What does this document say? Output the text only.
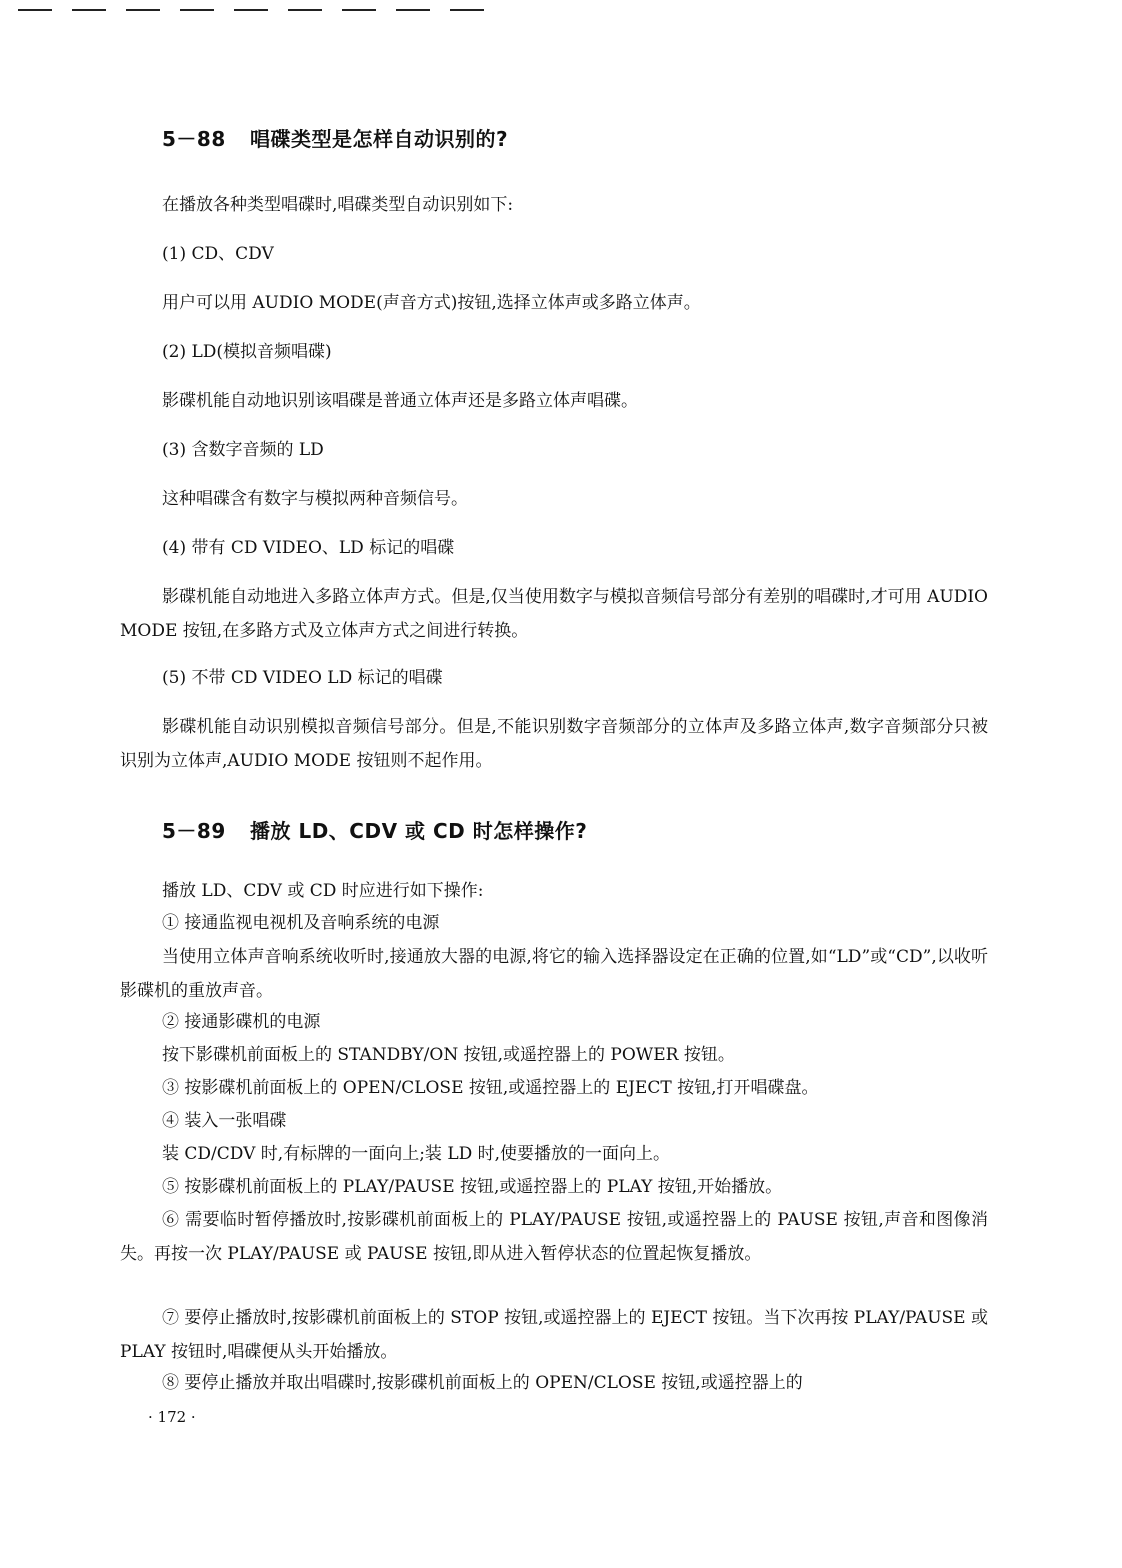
5－88 唱碟类型是怎样自动识别的?
在播放各种类型唱碟时,唱碟类型自动识别如下:
(1) CD、CDV
用户可以用 AUDIO MODE(声音方式)按钮,选择立体声或多路立体声。
(2) LD(模拟音频唱碟)
影碟机能自动地识别该唱碟是普通立体声还是多路立体声唱碟。
(3) 含数字音频的 LD
这种唱碟含有数字与模拟两种音频信号。
(4) 带有 CD VIDEO、LD 标记的唱碟
影碟机能自动地进入多路立体声方式。但是,仅当使用数字与模拟音频信号部分有差别的唱碟时,才可用 AUDIO MODE 按钮,在多路方式及立体声方式之间进行转换。
(5) 不带 CD VIDEO LD 标记的唱碟
影碟机能自动识别模拟音频信号部分。但是,不能识别数字音频部分的立体声及多路立体声,数字音频部分只被识别为立体声,AUDIO MODE 按钮则不起作用。
5－89 播放 LD、CDV 或 CD 时怎样操作?
播放 LD、CDV 或 CD 时应进行如下操作:
① 接通监视电视机及音响系统的电源
当使用立体声音响系统收听时,接通放大器的电源,将它的输入选择器设定在正确的位置,如“LD”或“CD”,以收听影碟机的重放声音。
② 接通影碟机的电源
按下影碟机前面板上的 STANDBY/ON 按钮,或遥控器上的 POWER 按钮。
③ 按影碟机前面板上的 OPEN/CLOSE 按钮,或遥控器上的 EJECT 按钮,打开唱碟盘。
④ 装入一张唱碟
装 CD/CDV 时,有标牌的一面向上;装 LD 时,使要播放的一面向上。
⑤ 按影碟机前面板上的 PLAY/PAUSE 按钮,或遥控器上的 PLAY 按钮,开始播放。
⑥ 需要临时暂停播放时,按影碟机前面板上的 PLAY/PAUSE 按钮,或遥控器上的 PAUSE 按钮,声音和图像消失。再按一次 PLAY/PAUSE 或 PAUSE 按钮,即从进入暂停状态的位置起恢复播放。
⑦ 要停止播放时,按影碟机前面板上的 STOP 按钮,或遥控器上的 EJECT 按钮。当下次再按 PLAY/PAUSE 或 PLAY 按钮时,唱碟便从头开始播放。
⑧ 要停止播放并取出唱碟时,按影碟机前面板上的 OPEN/CLOSE 按钮,或遥控器上的
· 172 ·
